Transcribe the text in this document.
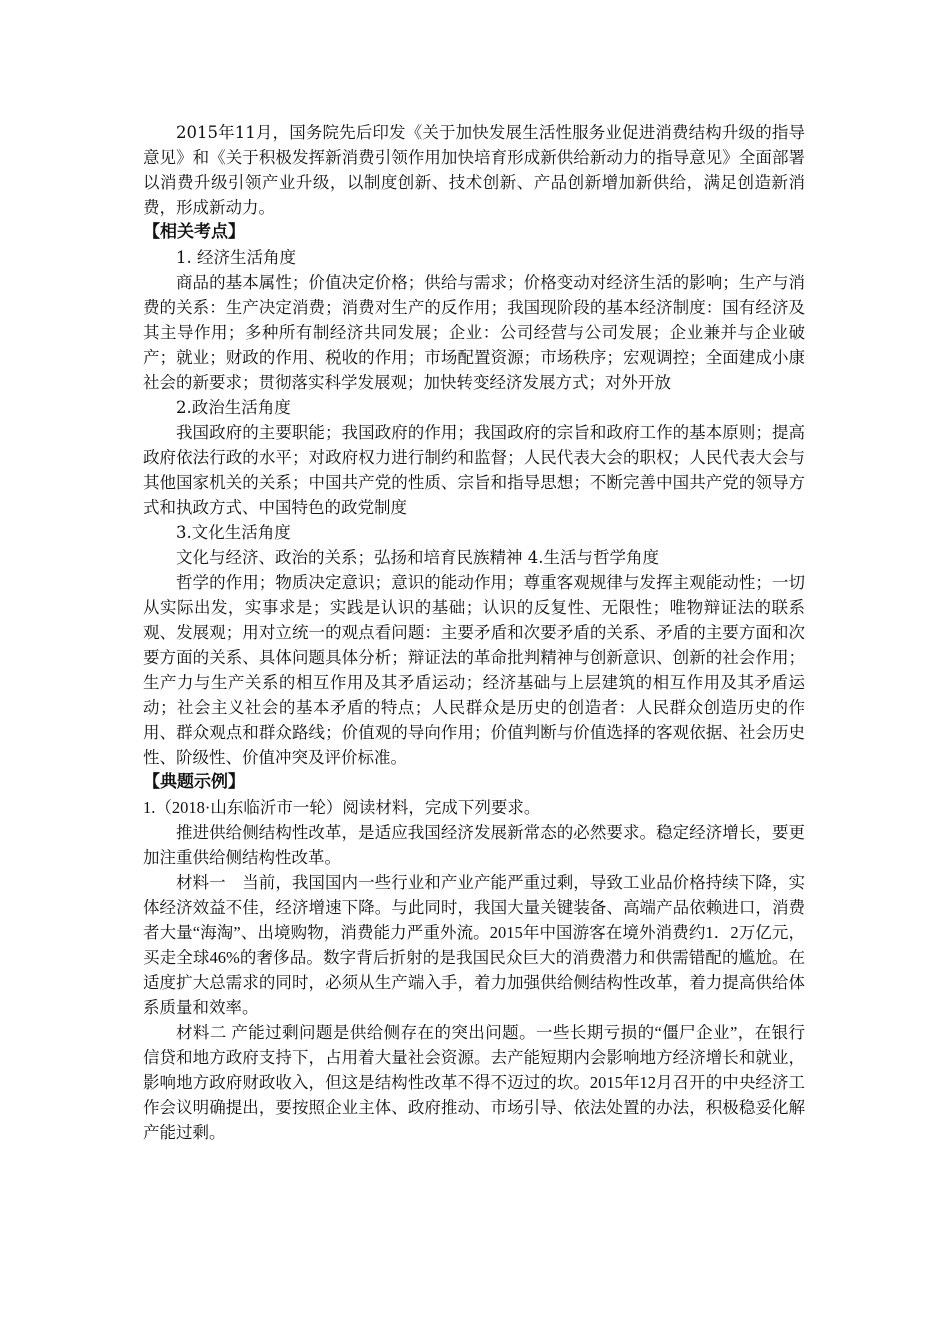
2015年11月，国务院先后印发《关于加快发展生活性服务业促进消费结构升级的指导意见》和《关于积极发挥新消费引领作用加快培育形成新供给新动力的指导意见》全面部署以消费升级引领产业升级，以制度创新、技术创新、产品创新增加新供给，满足创造新消费，形成新动力。

【相关考点】

1. 经济生活角度

商品的基本属性；价值决定价格；供给与需求；价格变动对经济生活的影响；生产与消费的关系：生产决定消费；消费对生产的反作用；我国现阶段的基本经济制度：国有经济及其主导作用；多种所有制经济共同发展；企业：公司经营与公司发展；企业兼并与企业破产；就业；财政的作用、税收的作用；市场配置资源；市场秩序；宏观调控；全面建成小康社会的新要求；贯彻落实科学发展观；加快转变经济发展方式；对外开放

2.政治生活角度

我国政府的主要职能；我国政府的作用；我国政府的宗旨和政府工作的基本原则；提高政府依法行政的水平；对政府权力进行制约和监督；人民代表大会的职权；人民代表大会与其他国家机关的关系；中国共产党的性质、宗旨和指导思想；不断完善中国共产党的领导方式和执政方式、中国特色的政党制度

3.文化生活角度

文化与经济、政治的关系；弘扬和培育民族精神 4.生活与哲学角度

哲学的作用；物质决定意识；意识的能动作用；尊重客观规律与发挥主观能动性；一切从实际出发，实事求是；实践是认识的基础；认识的反复性、无限性；唯物辩证法的联系观、发展观；用对立统一的观点看问题：主要矛盾和次要矛盾的关系、矛盾的主要方面和次要方面的关系、具体问题具体分析；辩证法的革命批判精神与创新意识、创新的社会作用；生产力与生产关系的相互作用及其矛盾运动；经济基础与上层建筑的相互作用及其矛盾运动；社会主义社会的基本矛盾的特点；人民群众是历史的创造者：人民群众创造历史的作用、群众观点和群众路线；价值观的导向作用；价值判断与价值选择的客观依据、社会历史性、阶级性、价值冲突及评价标准。

【典题示例】

1.（2018·山东临沂市一轮）阅读材料，完成下列要求。

推进供给侧结构性改革，是适应我国经济发展新常态的必然要求。稳定经济增长，要更加注重供给侧结构性改革。

材料一　当前，我国国内一些行业和产业产能严重过剩，导致工业品价格持续下降，实体经济效益不佳，经济增速下降。与此同时，我国大量关键装备、高端产品依赖进口，消费者大量“海淘”、出境购物，消费能力严重外流。2015年中国游客在境外消费约1．2万亿元，买走全球46%的奢侈品。数字背后折射的是我国民众巨大的消费潜力和供需错配的尴尬。在适度扩大总需求的同时，必须从生产端入手，着力加强供给侧结构性改革，着力提高供给体系质量和效率。

材料二 产能过剩问题是供给侧存在的突出问题。一些长期亏损的“僵尸企业”，在银行信贷和地方政府支持下，占用着大量社会资源。去产能短期内会影响地方经济增长和就业，影响地方政府财政收入，但这是结构性改革不得不迈过的坎。2015年12月召开的中央经济工作会议明确提出，要按照企业主体、政府推动、市场引导、依法处置的办法，积极稳妥化解产能过剩。
